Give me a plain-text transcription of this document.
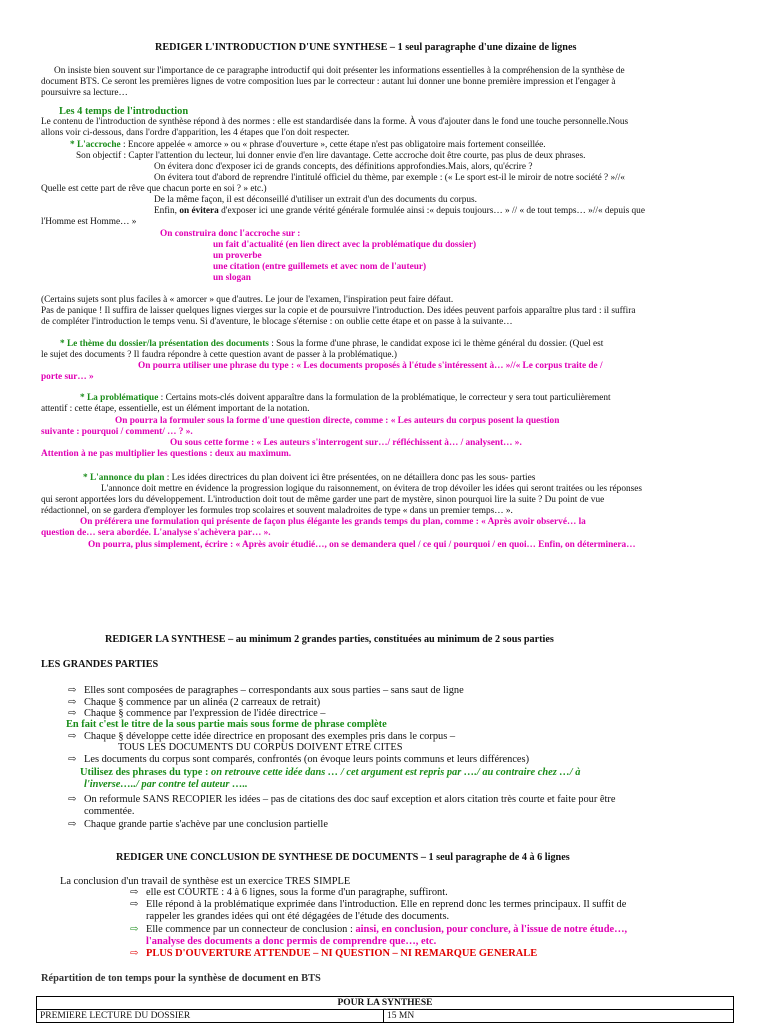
REDIGER L'INTRODUCTION D'UNE SYNTHESE – 1 seul paragraphe d'une dizaine de lignes
On insiste bien souvent sur l'importance de ce paragraphe introductif qui doit présenter les informations essentielles à la compréhension de la synthèse de
document BTS. Ce seront les premières lignes de votre composition lues par le correcteur : autant lui donner une bonne première impression et l'engager à
poursuivre sa lecture…
Les 4 temps de l'introduction
Le contenu de l'introduction de synthèse répond à des normes : elle est standardisée dans la forme. À vous d'ajouter dans le fond une touche personnelle.Nous
allons voir ci-dessous, dans l'ordre d'apparition, les 4 étapes que l'on doit respecter.
* L'accroche : Encore appelée « amorce » ou « phrase d'ouverture », cette étape n'est pas obligatoire mais fortement conseillée.
Son objectif : Capter l'attention du lecteur, lui donner envie d'en lire davantage. Cette accroche doit être courte, pas plus de deux phrases.
On évitera donc d'exposer ici de grands concepts, des définitions approfondies.Mais, alors, qu'écrire ?
On évitera tout d'abord de reprendre l'intitulé officiel du thème, par exemple : (« Le sport est-il le miroir de notre société ? »//«
Quelle est cette part de rêve que chacun porte en soi ? » etc.)
De la même façon, il est déconseillé d'utiliser un extrait d'un des documents du corpus.
Enfin, on évitera d'exposer ici une grande vérité générale formulée ainsi :« depuis toujours… » // « de tout temps… »//« depuis que
l'Homme est Homme… »
On construira donc l'accroche sur :
un fait d'actualité (en lien direct avec la problématique du dossier)
un proverbe
une citation (entre guillemets et avec nom de l'auteur)
un slogan
(Certains sujets sont plus faciles à « amorcer » que d'autres. Le jour de l'examen, l'inspiration peut faire défaut.
Pas de panique ! Il suffira de laisser quelques lignes vierges sur la copie et de poursuivre l'introduction. Des idées peuvent parfois apparaître plus tard : il suffira
de compléter l'introduction le temps venu. Si d'aventure, le blocage s'éternise : on oublie cette étape et on passe à la suivante…
* Le thème du dossier/la présentation des documents : Sous la forme d'une phrase, le candidat expose ici le thème général du dossier. (Quel est
le sujet des documents ? Il faudra répondre à cette question avant de passer à la problématique.)
On pourra utiliser une phrase du type : « Les documents proposés à l'étude s'intéressent à… »//« Le corpus traite de /
porte sur… »
* La problématique : Certains mots-clés doivent apparaître dans la formulation de la problématique, le correcteur y sera tout particulièrement
attentif : cette étape, essentielle, est un élément important de la notation.
On pourra la formuler sous la forme d'une question directe, comme : « Les auteurs du corpus posent la question
suivante : pourquoi / comment/ … ? ».
Ou sous cette forme : « Les auteurs s'interrogent sur…/ réfléchissent à… / analysent… ».
Attention à ne pas multiplier les questions : deux au maximum.
* L'annonce du plan : Les idées directrices du plan doivent ici être présentées, on ne détaillera donc pas les sous- parties
L'annonce doit mettre en évidence la progression logique du raisonnement, on évitera de trop dévoiler les idées qui seront traitées ou les réponses
qui seront apportées lors du développement. L'introduction doit tout de même garder une part de mystère, sinon pourquoi lire la suite ? Du point de vue
rédactionnel, on se gardera d'employer les formules trop scolaires et souvent maladroites de type « dans un premier temps… ».
On préférera une formulation qui présente de façon plus élégante les grands temps du plan, comme : « Après avoir observé… la
question de… sera abordée. L'analyse s'achèvera par… ».
On pourra, plus simplement, écrire : « Après avoir étudié…, on se demandera quel / ce qui / pourquoi / en quoi… Enfin, on déterminera…
REDIGER LA SYNTHESE – au minimum 2 grandes parties, constituées au minimum de 2 sous parties
LES GRANDES PARTIES
⇨ Elles sont composées de paragraphes – correspondants aux sous parties – sans saut de ligne
⇨ Chaque § commence par un alinéa (2 carreaux de retrait)
⇨ Chaque § commence par l'expression de l'idée directrice –
En fait c'est le titre de la sous partie mais sous forme de phrase complète
⇨ Chaque § développe cette idée directrice en proposant des exemples pris dans le corpus –
TOUS LES DOCUMENTS DU CORPUS DOIVENT ETRE CITES
⇨ Les documents du corpus sont comparés, confrontés (on évoque leurs points communs et leurs différences)
Utilisez des phrases du type : on retrouve cette idée dans … / cet argument est repris par …./ au contraire chez …/ à
l'inverse…../ par contre tel auteur …..
⇨ On reformule SANS RECOPIER les idées – pas de citations des doc sauf exception et alors citation très courte et faite pour être
commentée.
⇨ Chaque grande partie s'achève par une conclusion partielle
REDIGER UNE CONCLUSION DE SYNTHESE DE DOCUMENTS – 1 seul paragraphe de 4 à 6 lignes
La conclusion d'un travail de synthèse est un exercice TRES SIMPLE
⇨ elle est COURTE : 4 à 6 lignes, sous la forme d'un paragraphe, suffiront.
⇨ Elle répond à la problématique exprimée dans l'introduction. Elle en reprend donc les termes principaux. Il suffit de
rappeler les grandes idées qui ont été dégagées de l'étude des documents.
⇨ Elle commence par un connecteur de conclusion : ainsi, en conclusion, pour conclure, à l'issue de notre étude…,
l'analyse des documents a donc permis de comprendre que…, etc.
⇨ PLUS D'OUVERTURE ATTENDUE – NI QUESTION – NI REMARQUE GENERALE
Répartition de ton temps pour la synthèse de document en BTS
POUR LA SYNTHESE
PREMIERE LECTURE DU DOSSIER	15 MN
